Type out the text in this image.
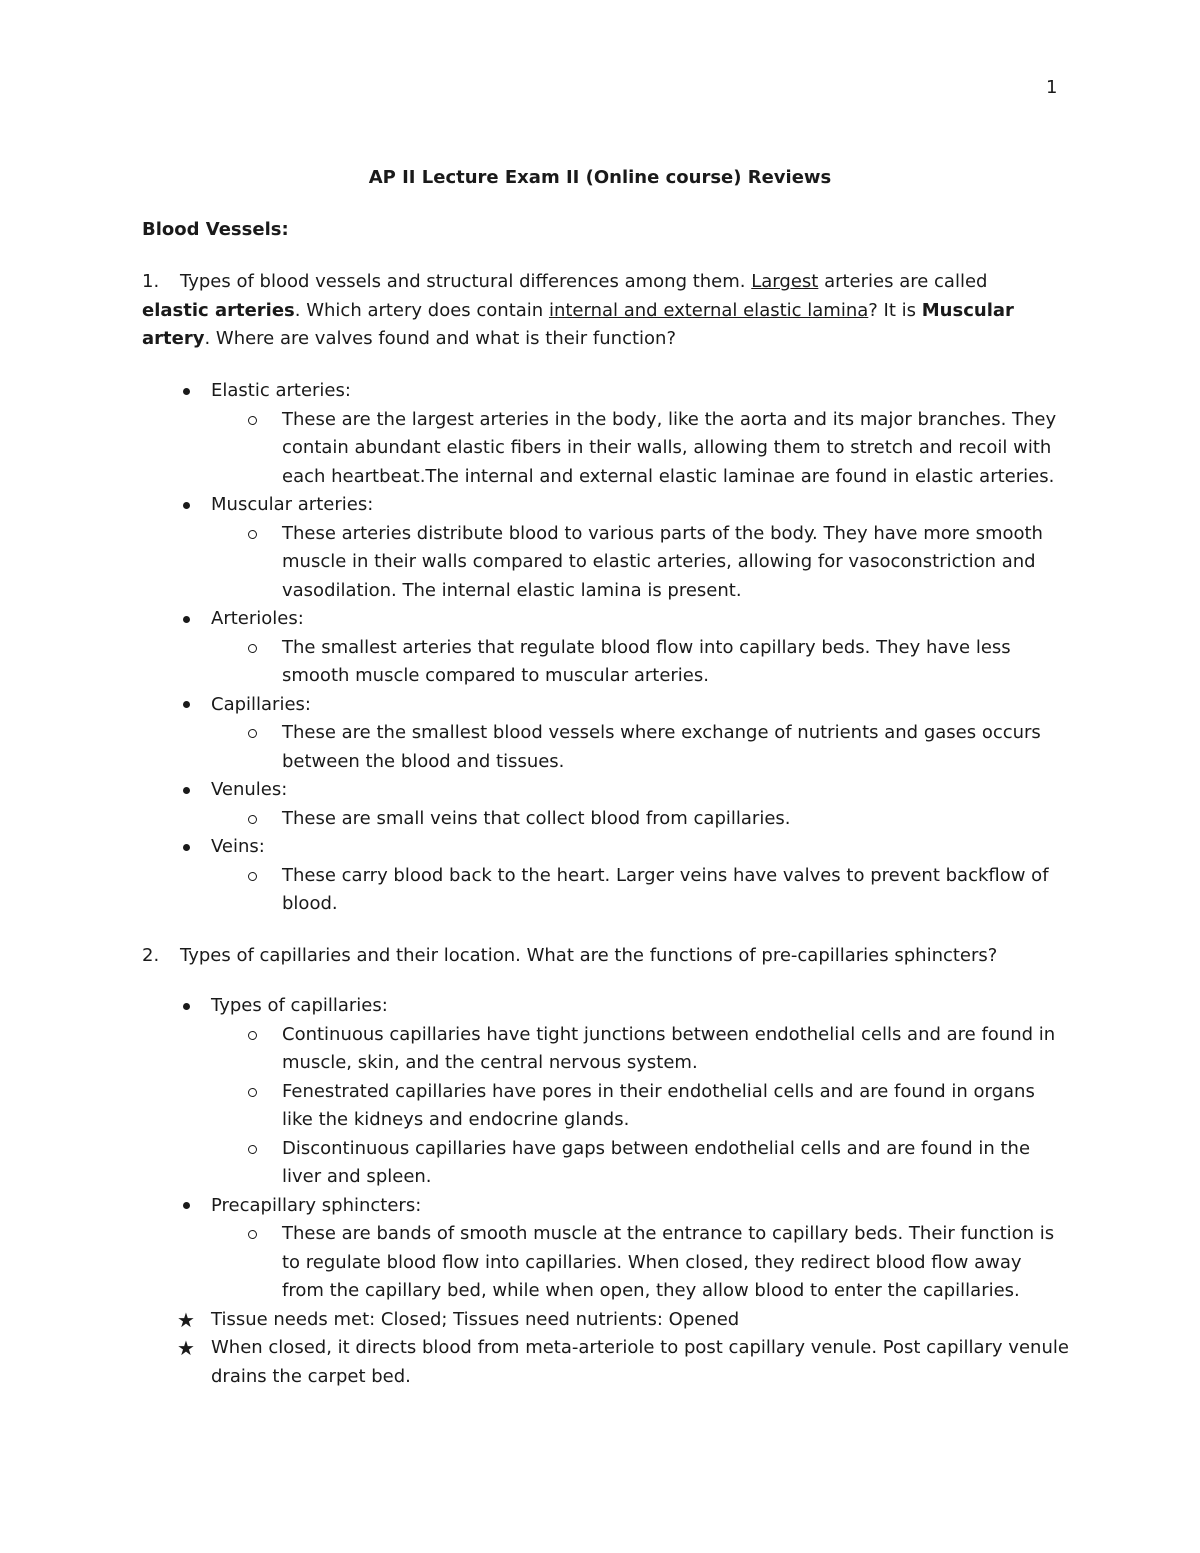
1
AP II Lecture Exam II (Online course) Reviews
Blood Vessels:
1. Types of blood vessels and structural differences among them. Largest arteries are called elastic arteries. Which artery does contain internal and external elastic lamina? It is Muscular artery. Where are valves found and what is their function?
Elastic arteries:
These are the largest arteries in the body, like the aorta and its major branches. They contain abundant elastic fibers in their walls, allowing them to stretch and recoil with each heartbeat.The internal and external elastic laminae are found in elastic arteries.
Muscular arteries:
These arteries distribute blood to various parts of the body. They have more smooth muscle in their walls compared to elastic arteries, allowing for vasoconstriction and vasodilation. The internal elastic lamina is present.
Arterioles:
The smallest arteries that regulate blood flow into capillary beds. They have less smooth muscle compared to muscular arteries.
Capillaries:
These are the smallest blood vessels where exchange of nutrients and gases occurs between the blood and tissues.
Venules:
These are small veins that collect blood from capillaries.
Veins:
These carry blood back to the heart. Larger veins have valves to prevent backflow of blood.
2. Types of capillaries and their location. What are the functions of pre-capillaries sphincters?
Types of capillaries:
Continuous capillaries have tight junctions between endothelial cells and are found in muscle, skin, and the central nervous system.
Fenestrated capillaries have pores in their endothelial cells and are found in organs like the kidneys and endocrine glands.
Discontinuous capillaries have gaps between endothelial cells and are found in the liver and spleen.
Precapillary sphincters:
These are bands of smooth muscle at the entrance to capillary beds. Their function is to regulate blood flow into capillaries. When closed, they redirect blood flow away from the capillary bed, while when open, they allow blood to enter the capillaries.
★ Tissue needs met: Closed; Tissues need nutrients: Opened
★ When closed, it directs blood from meta-arteriole to post capillary venule. Post capillary venule drains the carpet bed.
